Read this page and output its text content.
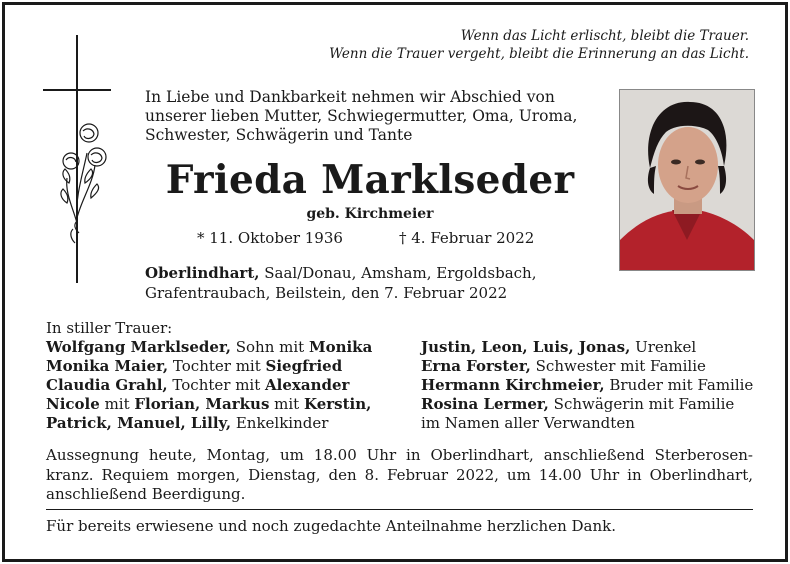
Wenn das Licht erlischt, bleibt die Trauer.
Wenn die Trauer vergeht, bleibt die Erinnerung an das Licht.
In Liebe und Dankbarkeit nehmen wir Abschied von
unserer lieben Mutter, Schwiegermutter, Oma, Uroma,
Schwester, Schwägerin und Tante
Frieda Marklseder
geb. Kirchmeier
* 11. Oktober 1936	† 4. Februar 2022
Oberlindhart, Saal/Donau, Amsham, Ergoldsbach,
Grafentraubach, Beilstein, den 7. Februar 2022
In stiller Trauer:
Wolfgang Marklseder, Sohn mit Monika
Monika Maier, Tochter mit Siegfried
Claudia Grahl, Tochter mit Alexander
Nicole mit Florian, Markus mit Kerstin,
Patrick, Manuel, Lilly, Enkelkinder
Justin, Leon, Luis, Jonas, Urenkel
Erna Forster, Schwester mit Familie
Hermann Kirchmeier, Bruder mit Familie
Rosina Lermer, Schwägerin mit Familie
im Namen aller Verwandten
Aussegnung heute, Montag, um 18.00 Uhr in Oberlindhart, anschließend Sterberosen-
kranz. Requiem morgen, Dienstag, den 8. Februar 2022, um 14.00 Uhr in Oberlindhart,
anschließend Beerdigung.
Für bereits erwiesene und noch zugedachte Anteilnahme herzlichen Dank.
